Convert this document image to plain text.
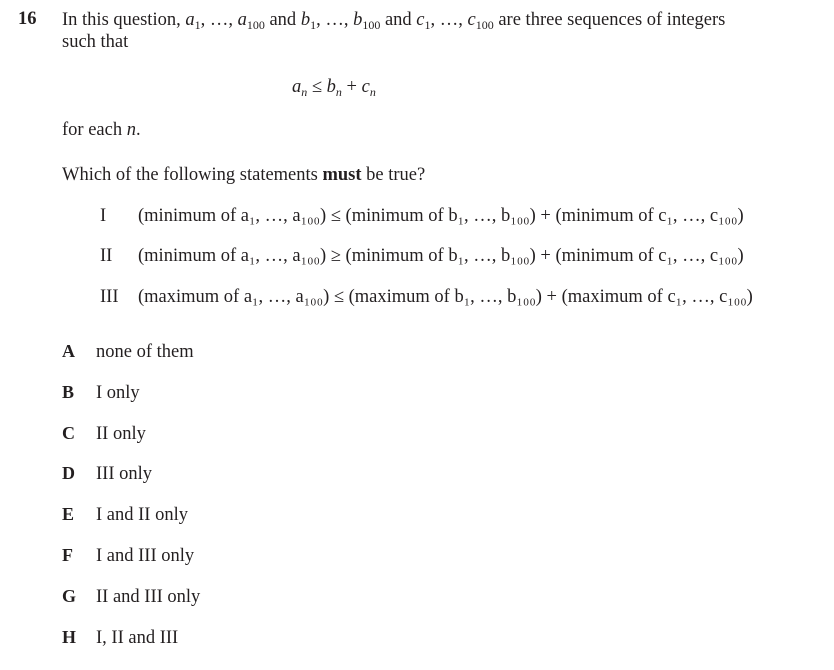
16 In this question, $a_1$, …, $a_{100}$ and $b_1$, …, $b_{100}$ and $c_1$, …, $c_{100}$ are three sequences of integers
such that
$a_n \le b_n + c_n$
for each n.
Which of the following statements must be true?
I (minimum of a₁, …, a₁₀₀) ≤ (minimum of b₁, …, b₁₀₀) + (minimum of c₁, …, c₁₀₀)
II (minimum of a₁, …, a₁₀₀) ≥ (minimum of b₁, …, b₁₀₀) + (minimum of c₁, …, c₁₀₀)
III (maximum of a₁, …, a₁₀₀) ≤ (maximum of b₁, …, b₁₀₀) + (maximum of c₁, …, c₁₀₀)
A none of them
B I only
C II only
D III only
E I and II only
F I and III only
G II and III only
H I, II and III
